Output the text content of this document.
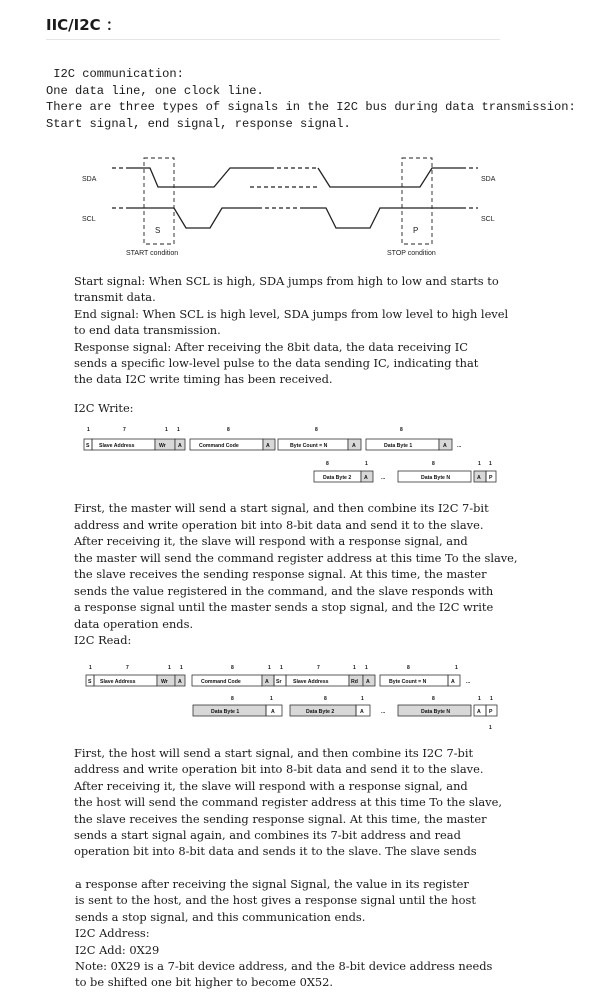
IIC/I2C ：
I2C communication:
One data line, one clock line.
There are three types of signals in the I2C bus during data transmission:
Start signal, end signal, response signal.
SDA	SDA
SCL	SCL
S	P
START condition	STOP condition
1	7	1 1	8	8	8
S Slave Address	Wr A	Command Code	A	Byte Count = N	A	Data Byte 1	A ...
8	1	8	1 1
Data Byte 2 A	...	Data Byte N	A P
1	7	1 1	8	1 1	7	1 1	8	1
S Slave Address	Wr A	Command Code	A Sr Slave Address	Rd A	Byte Count = N	A ...
8	1	8	1	8	1 1
Data Byte 1	A	Data Byte 2	A	...	Data Byte N	A P
1
Start signal: When SCL is high, SDA jumps from high to low and starts to
transmit data.
End signal: When SCL is high level, SDA jumps from low level to high level
to end data transmission.
Response signal: After receiving the 8bit data, the data receiving IC
sends a specific low-level pulse to the data sending IC, indicating that
the data I2C write timing has been received.
I2C Write:
First, the master will send a start signal, and then combine its I2C 7-bit
address and write operation bit into 8-bit data and send it to the slave.
After receiving it, the slave will respond with a response signal, and
the master will send the command register address at this time To the slave,
the slave receives the sending response signal. At this time, the master
sends the value registered in the command, and the slave responds with
a response signal until the master sends a stop signal, and the I2C write
data operation ends.
I2C Read:
First, the host will send a start signal, and then combine its I2C 7-bit
address and write operation bit into 8-bit data and send it to the slave.
After receiving it, the slave will respond with a response signal, and
the host will send the command register address at this time To the slave,
the slave receives the sending response signal. At this time, the master
sends a start signal again, and combines its 7-bit address and read
operation bit into 8-bit data and sends it to the slave. The slave sends
a response after receiving the signal Signal, the value in its register
is sent to the host, and the host gives a response signal until the host
sends a stop signal, and this communication ends.
I2C Address:
I2C Add: 0X29
Note: 0X29 is a 7-bit device address, and the 8-bit device address needs
to be shifted one bit higher to become 0X52.
